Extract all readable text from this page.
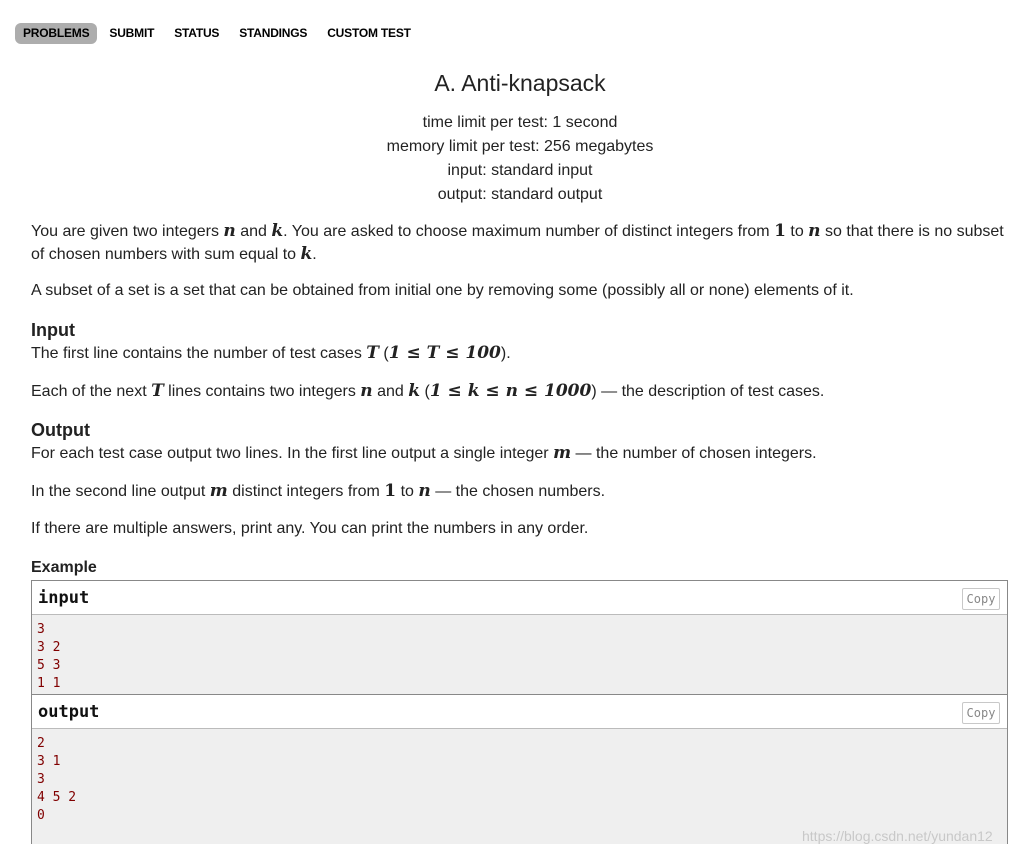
PROBLEMS	SUBMIT	STATUS	STANDINGS	CUSTOM TEST
A. Anti-knapsack
time limit per test: 1 second
memory limit per test: 256 megabytes
input: standard input
output: standard output
You are given two integers n and k. You are asked to choose maximum number of distinct integers from 1 to n so that there is no subset of chosen numbers with sum equal to k.
A subset of a set is a set that can be obtained from initial one by removing some (possibly all or none) elements of it.
Input
The first line contains the number of test cases T (1 ≤ T ≤ 100).
Each of the next T lines contains two integers n and k (1 ≤ k ≤ n ≤ 1000) — the description of test cases.
Output
For each test case output two lines. In the first line output a single integer m — the number of chosen integers.
In the second line output m distinct integers from 1 to n — the chosen numbers.
If there are multiple answers, print any. You can print the numbers in any order.
Example
input	Copy
3
3 2
5 3
1 1
output	Copy
2
3 1
3
4 5 2
0
https://blog.csdn.net/yundan12
